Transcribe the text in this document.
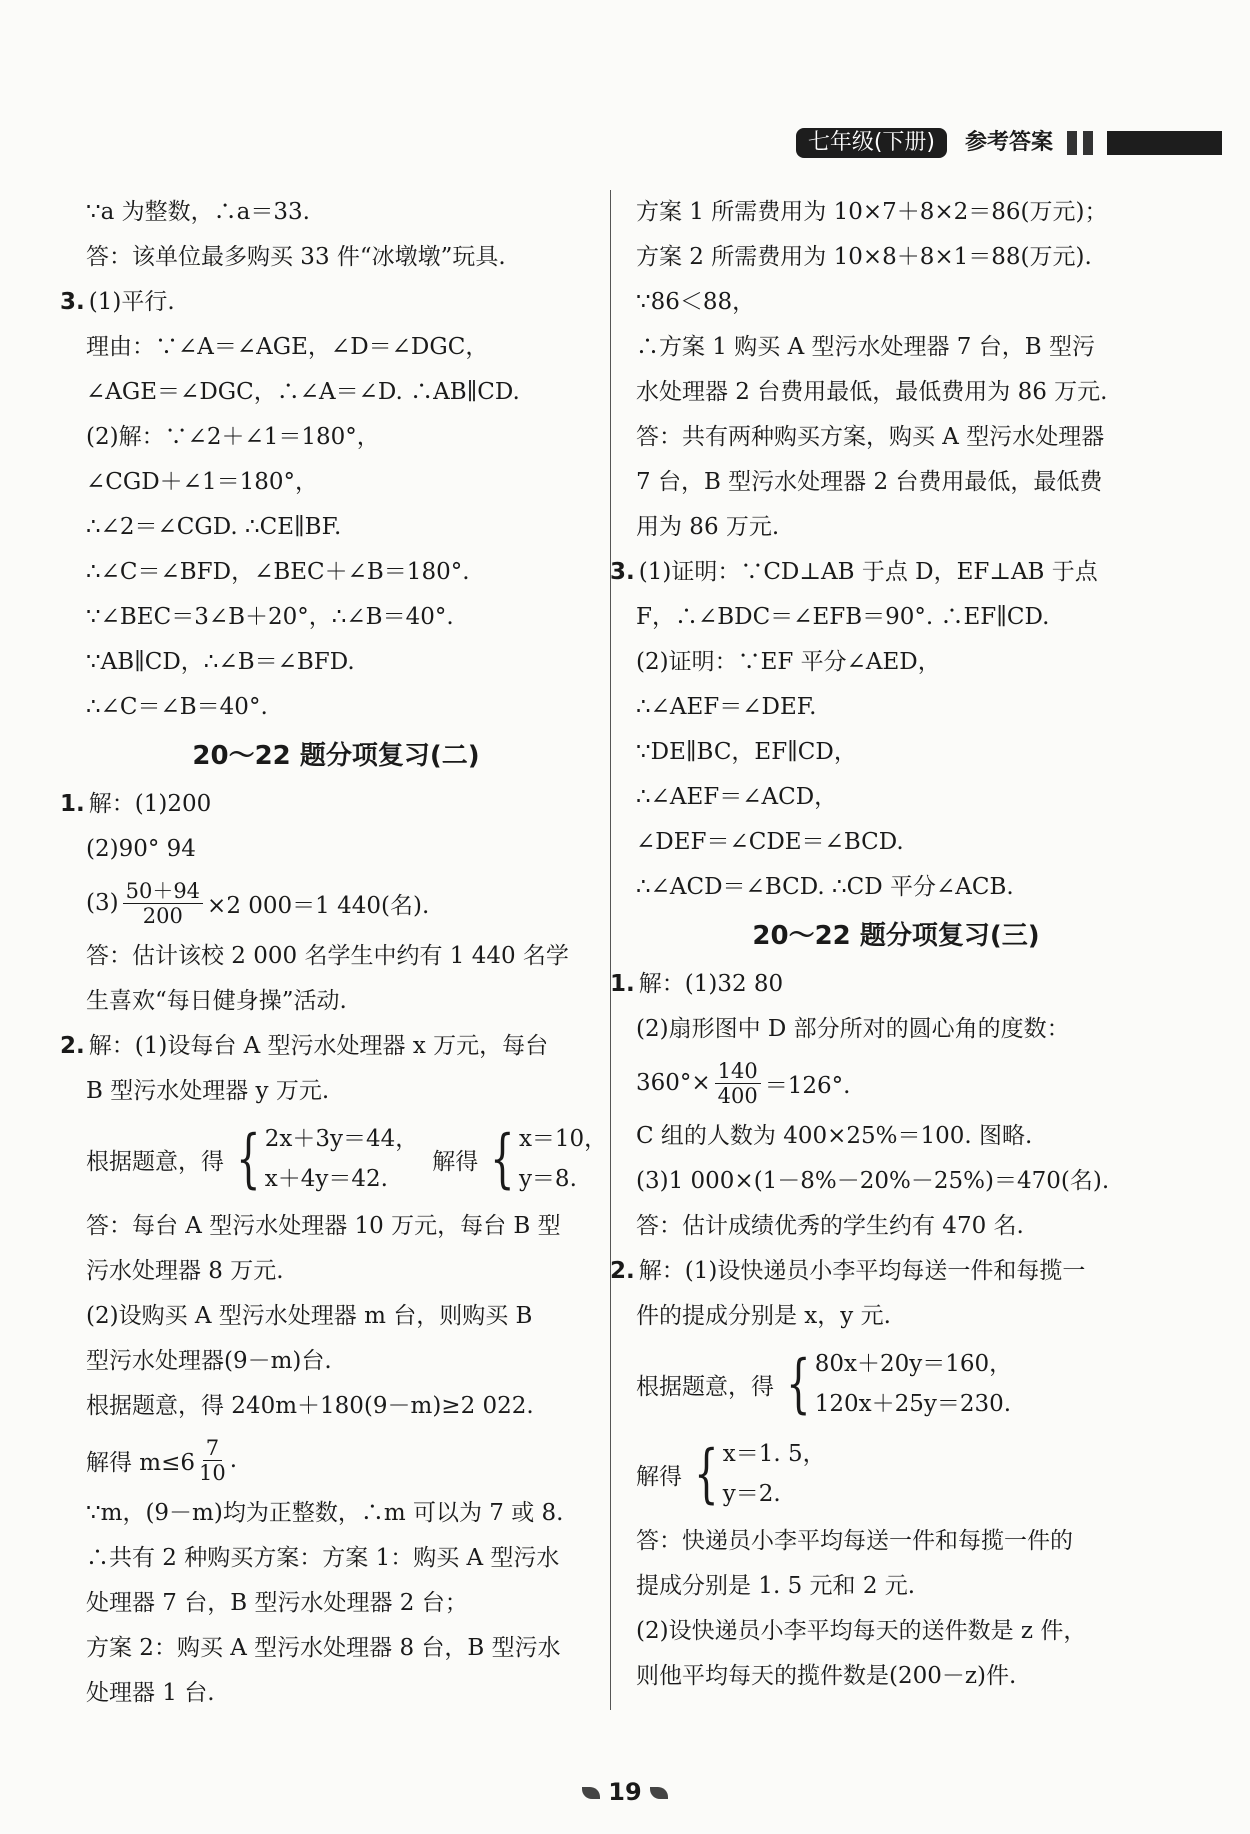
七年级(下册)	参考答案
∵a 为整数，∴a＝33.
答：该单位最多购买 33 件“冰墩墩”玩具.
3. (1)平行.
理由：∵∠A＝∠AGE，∠D＝∠DGC，
∠AGE＝∠DGC，∴∠A＝∠D. ∴AB∥CD.
(2)解：∵∠2＋∠1＝180°，
∠CGD＋∠1＝180°，
∴∠2＝∠CGD. ∴CE∥BF.
∴∠C＝∠BFD，∠BEC＋∠B＝180°.
∵∠BEC＝3∠B＋20°，∴∠B＝40°.
∵AB∥CD，∴∠B＝∠BFD.
∴∠C＝∠B＝40°.
20～22 题分项复习(二)
1. 解：(1)200
(2)90° 94
$(3) \frac{50+94}{200} \times 2$ 000＝1 440(名).
答：估计该校 2 000 名学生中约有 1 440 名学
生喜欢“每日健身操”活动.
2. 解：(1)设每台 A 型污水处理器 x 万元，每台
B 型污水处理器 y 万元.
根据题意，得 { 2x＋3y＝44，
x＋4y＝42.
解得 { x＝10，
y＝8.
答：每台 A 型污水处理器 10 万元，每台 B 型
污水处理器 8 万元.
(2)设购买 A 型污水处理器 m 台，则购买 B
型污水处理器(9－m)台.
根据题意，得 240m＋180(9－m)≥2 022.
解得 $m\le 6 \frac{7}{10}$ .
∵m，(9－m)均为正整数，∴m 可以为 7 或 8.
∴共有 2 种购买方案：方案 1：购买 A 型污水
处理器 7 台，B 型污水处理器 2 台；
方案 2：购买 A 型污水处理器 8 台，B 型污水
处理器 1 台.
方案 1 所需费用为 10×7＋8×2＝86(万元)；
方案 2 所需费用为 10×8＋8×1＝88(万元).
∵86＜88，
∴方案 1 购买 A 型污水处理器 7 台，B 型污
水处理器 2 台费用最低，最低费用为 86 万元.
答：共有两种购买方案，购买 A 型污水处理器
7 台，B 型污水处理器 2 台费用最低，最低费
用为 86 万元.
3. (1)证明：∵CD⊥AB 于点 D，EF⊥AB 于点
F，∴∠BDC＝∠EFB＝90°. ∴EF∥CD.
(2)证明：∵EF 平分∠AED，
∴∠AEF＝∠DEF.
∵DE∥BC，EF∥CD，
∴∠AEF＝∠ACD，
∠DEF＝∠CDE＝∠BCD.
∴∠ACD＝∠BCD. ∴CD 平分∠ACB.
20～22 题分项复习(三)
1. 解：(1)32 80
(2)扇形图中 D 部分所对的圆心角的度数：
$360^\circ\times \frac{140}{400} =126^\circ$.
C 组的人数为 400×25%＝100. 图略.
(3)1 000×(1－8%－20%－25%)＝470(名).
答：估计成绩优秀的学生约有 470 名.
2. 解：(1)设快递员小李平均每送一件和每揽一
件的提成分别是 x，y 元.
根据题意，得 { 80x＋20y＝160，
120x＋25y＝230.
解得 { x＝1. 5，
y＝2.
答：快递员小李平均每送一件和每揽一件的
提成分别是 1. 5 元和 2 元.
(2)设快递员小李平均每天的送件数是 z 件，
则他平均每天的揽件数是(200－z)件.
19
